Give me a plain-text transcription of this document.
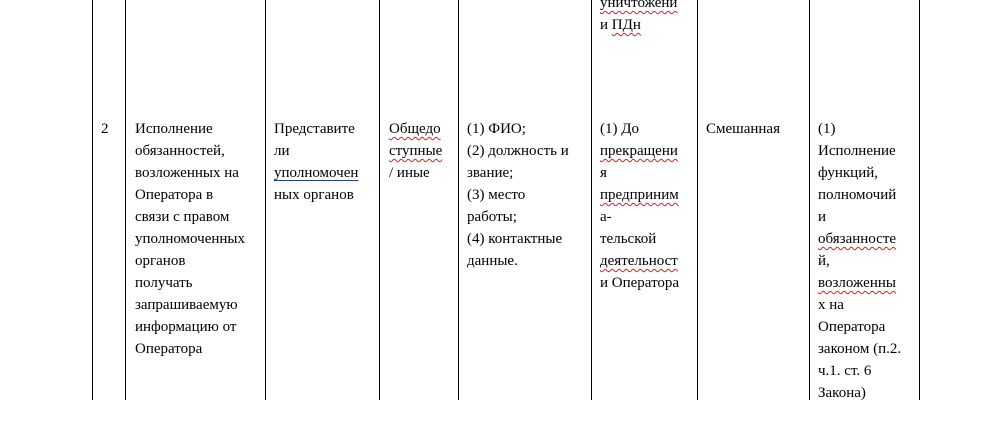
уничтожени
и ПДн
2 Исполнение
обязанностей,
возложенных на
Оператора в
связи с правом
уполномоченных
органов
получать
запрашиваемую
информацию от
Оператора
Представите
ли
уполномочен
ных органов
Общедо
ступные
/ иные
(1) ФИО;
(2) должность и
звание;
(3) место
работы;
(4) контактные
данные.
(1) До
прекращени
я
предприним
а-
тельской
деятельност
и Оператора
Смешанная	(1)
Исполнение
функций,
полномочий
и
обязанносте
й,
возложенны
х на
Оператора
законом (п.2.
ч.1. ст. 6
Закона)
